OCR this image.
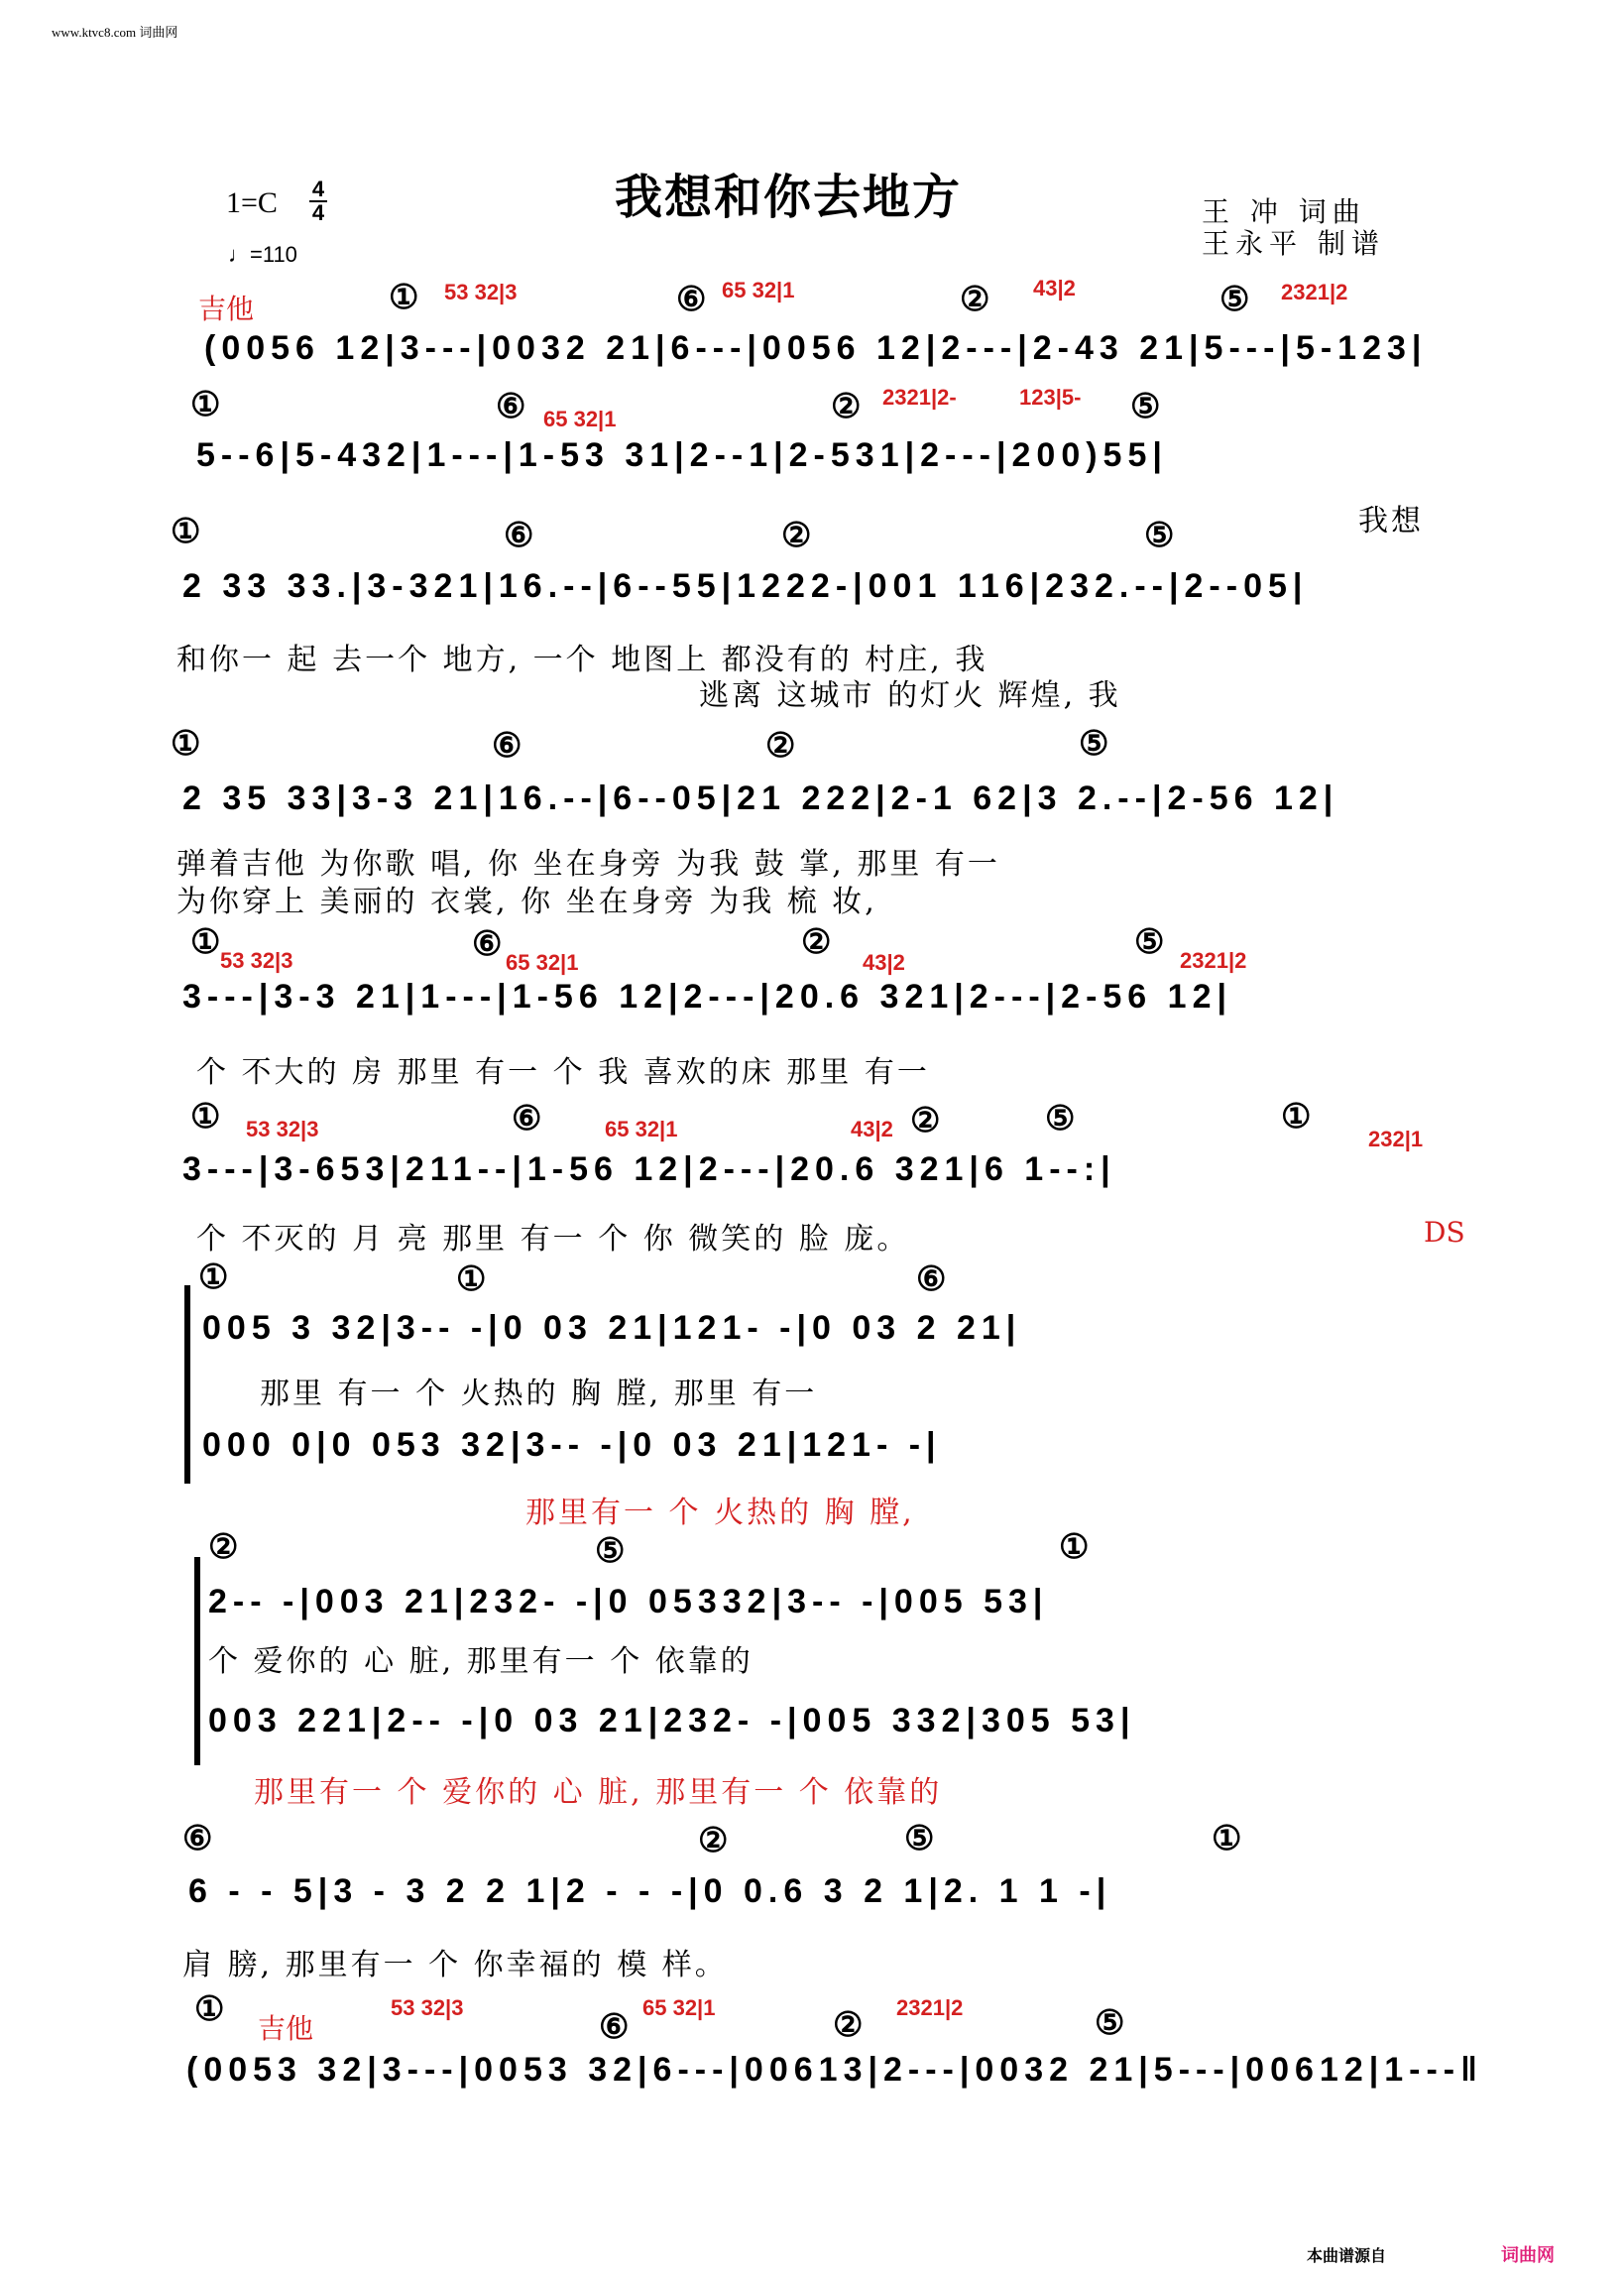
www.ktvc8.com 词曲网
我想和你去地方
1=C 4
4
♩=110
王 冲 词曲
王永平 制谱
吉他	① 53 32|3	⑥ 65 32|1	② 43|2	⑤ 2321|2
(0056 12|3---|0032 21|6---|0056 12|2---|2-43 21|5---|5-123|
①	⑥ 65 32|1	② 2321|2-	123|5- ⑤
5--6|5-432|1---|1-53 31|2--1|2-531|2---|200)55|
我想
①	⑥	②	⑤
2 33 33.|3-321|16.--|6--55|1222-|001 116|232.--|2--05|
和你一 起 去一个 地方, 一个 地图上 都没有的 村庄, 我
逃离 这城市 的灯火 辉煌, 我
①	⑥	②	⑤
2 35 33|3-3 21|16.--|6--05|21 222|2-1 62|3 2.--|2-56 12|
弹着吉他 为你歌 唱, 你 坐在身旁 为我 鼓 掌, 那里 有一
为你穿上 美丽的 衣裳, 你 坐在身旁 为我 梳 妆,
① 53 32|3	⑥ 65 32|1
②
43|2
⑤ 2321|2
3---|3-3 21|1---|1-56 12|2---|20.6 321|2---|2-56 12|
个 不大的 房 那里 有一 个 我 喜欢的床 那里 有一
① 53 32|3	⑥	65 32|1	43|2 ②	⑤	①
232|1
3---|3-653|211--|1-56 12|2---|20.6 321|6 1--:|
个 不灭的 月 亮 那里 有一 个 你 微笑的 脸 庞。	DS
①	①	⑥
005 3 32|3-- -|0 03 21|121- -|0 03 2 21|
那里 有一 个 火热的 胸 膛, 那里 有一
000 0|0 053 32|3-- -|0 03 21|121- -|
那里有一 个 火热的 胸 膛,
②	⑤	①
2-- -|003 21|232- -|0 05332|3-- -|005 53|
个 爱你的 心 脏, 那里有一 个 依靠的
003 221|2-- -|0 03 21|232- -|005 332|305 53|
那里有一 个 爱你的 心 脏, 那里有一 个 依靠的
⑥	②	⑤	①
6 - - 5|3 - 3 2 2 1|2 - - -|0 0.6 3 2 1|2. 1 1 -|
肩 膀, 那里有一 个 你幸福的 模 样。
①
吉他
53 32|3
⑥
65 32|1	② 2321|2	⑤
(0053 32|3---|0053 32|6---|00613|2---|0032 21|5---|00612|1---‖
本曲谱源自	词曲网
